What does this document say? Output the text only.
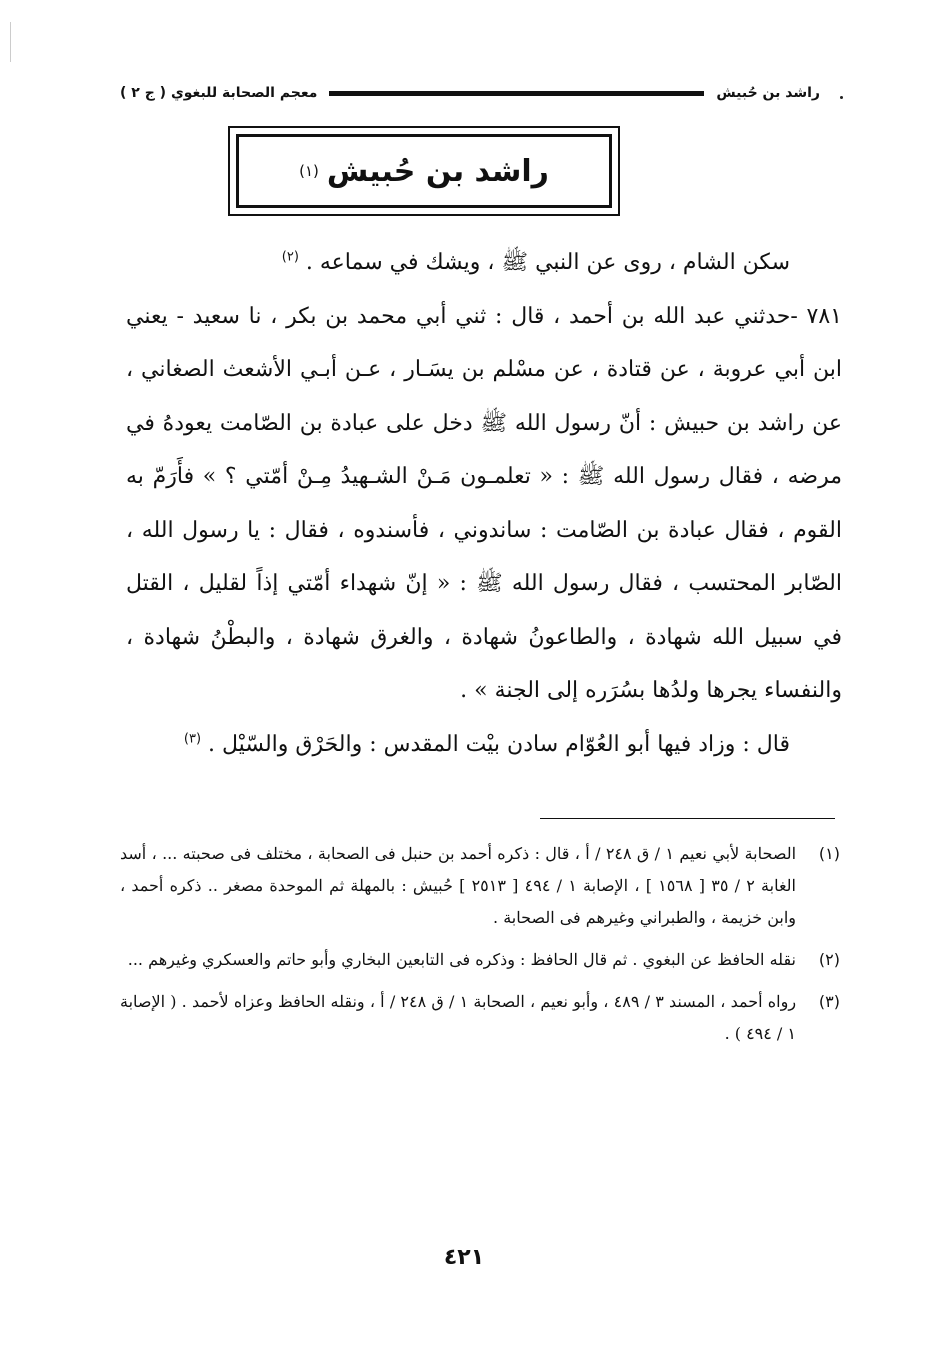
راشد بن حُبيش
معجم الصحابة للبغوي ( ج ٢ )
راشد بن حُبيش
(١)

سكن الشام ، روى عن النبي ﷺ ، ويشك في سماعه . $^{(٢)}$

٧٨١ -حدثني عبد الله بن أحمد ، قال : ثني أبي محمد بن بكر ، نا سعيد - يعني ابن أبي عروبة ، عن قتادة ، عن مسْلم بن يسَـار ، عـن أبـي الأشعث الصغاني ، عن راشد بن حبيش : أنّ رسول الله ﷺ دخل على عبادة بن الصّامت يعودهُ في مرضه ، فقال رسول الله ﷺ : « تعلمـون مَـنْ الشـهيدُ مِـنْ أمّتي ؟ » فأَرَمّ به القوم ، فقال عبادة بن الصّامت : ساندوني ، فأسندوه ، فقال : يا رسول الله ، الصّابر المحتسب ، فقال رسول الله ﷺ : « إنّ شهداء أمّتي إذاً لقليل ، القتل في سبيل الله شهادة ، والطاعونُ شهادة ، والغرق شهادة ، والبطْنُ شهادة ، والنفساء يجرها ولدُها بسُرَره إلى الجنة » .

قال : وزاد فيها أبو العُوّام سادن بيْت المقدس : والحَرْق والسّيْل . $^{(٣)}$

(١)
الصحابة لأبي نعيم ١ / ق ٢٤٨ / أ ، قال : ذكره أحمد بن حنبل فى الصحابة ، مختلف فى صحبته ... ، أسد الغابة ٢ / ٣٥ [ ١٥٦٨ ] ، الإصابة ١ / ٤٩٤ [ ٢٥١٣ ] حُبيش : بالمهلة ثم الموحدة مصغر .. ذكره أحمد ، وابن خزيمة ، والطبراني وغيرهم فى الصحابة .
(٢)
نقله الحافظ عن البغوي . ثم قال الحافظ : وذكره فى التابعين البخاري وأبو حاتم والعسكري وغيرهم ...
(٣)
رواه أحمد ، المسند ٣ / ٤٨٩ ، وأبو نعيم ، الصحابة ١ / ق ٢٤٨ / أ ، ونقله الحافظ وعزاه لأحمد . ( الإصابة ١ / ٤٩٤ ) .
٤٢١
